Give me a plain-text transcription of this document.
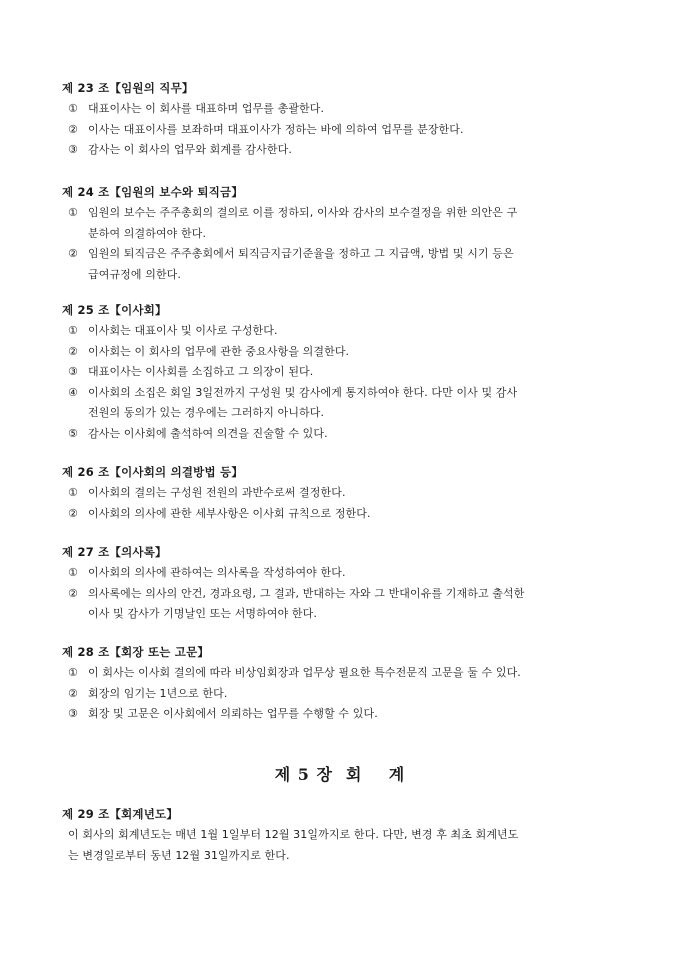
제 23 조【임원의 직무】
① 대표이사는 이 회사를 대표하며 업무를 총괄한다.
② 이사는 대표이사를 보좌하며 대표이사가 정하는 바에 의하여 업무를 분장한다.
③ 감사는 이 회사의 업무와 회계를 감사한다.
제 24 조【임원의 보수와 퇴직금】
① 임원의 보수는 주주총회의 결의로 이를 정하되, 이사와 감사의 보수결정을 위한 의안은 구
분하여 의결하여야 한다.
② 임원의 퇴직금은 주주총회에서 퇴직금지급기준율을 정하고 그 지급액, 방법 및 시기 등은
급여규정에 의한다.
제 25 조【이사회】
① 이사회는 대표이사 및 이사로 구성한다.
② 이사회는 이 회사의 업무에 관한 중요사항을 의결한다.
③ 대표이사는 이사회를 소집하고 그 의장이 된다.
④ 이사회의 소집은 회일 3일전까지 구성원 및 감사에게 통지하여야 한다. 다만 이사 및 감사
전원의 동의가 있는 경우에는 그러하지 아니하다.
⑤ 감사는 이사회에 출석하여 의견을 진술할 수 있다.
제 26 조【이사회의 의결방법 등】
① 이사회의 결의는 구성원 전원의 과반수로써 결정한다.
② 이사회의 의사에 관한 세부사항은 이사회 규칙으로 정한다.
제 27 조【의사록】
① 이사회의 의사에 관하여는 의사록을 작성하여야 한다.
② 의사록에는 의사의 안건, 경과요령, 그 결과, 반대하는 자와 그 반대이유를 기재하고 출석한
이사 및 감사가 기명날인 또는 서명하여야 한다.
제 28 조【회장 또는 고문】
① 이 회사는 이사회 결의에 따라 비상임회장과 업무상 필요한 특수전문직 고문을 둘 수 있다.
② 회장의 임기는 1년으로 한다.
③ 회장 및 고문은 이사회에서 의뢰하는 업무를 수행할 수 있다.
제 5 장  회    계
제 29 조【회계년도】
이 회사의 회계년도는 매년 1월 1일부터 12월 31일까지로 한다. 다만, 변경 후 최초 회계년도
는 변경일로부터 동년 12월 31일까지로 한다.
